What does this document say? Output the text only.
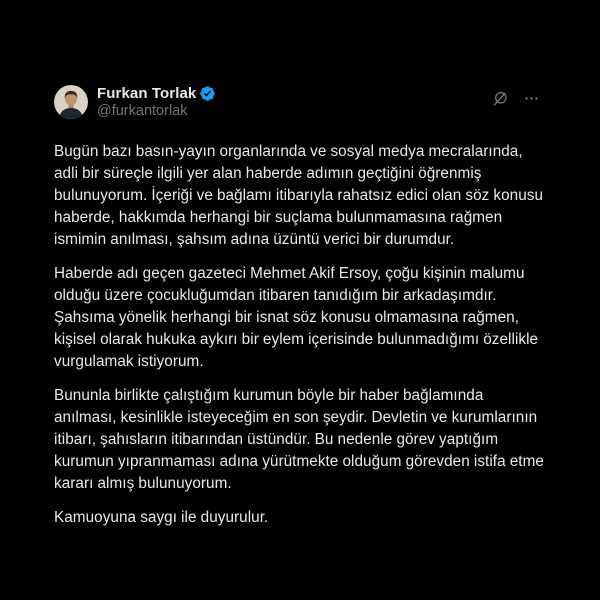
Furkan Torlak
@furkantorlak

Bugün bazı basın-yayın organlarında ve sosyal medya mecralarında, adli bir süreçle ilgili yer alan haberde adımın geçtiğini öğrenmiş bulunuyorum. İçeriği ve bağlamı itibarıyla rahatsız edici olan söz konusu haberde, hakkımda herhangi bir suçlama bulunmamasına rağmen ismimin anılması, şahsım adına üzüntü verici bir durumdur.

Haberde adı geçen gazeteci Mehmet Akif Ersoy, çoğu kişinin malumu olduğu üzere çocukluğumdan itibaren tanıdığım bir arkadaşımdır. Şahsıma yönelik herhangi bir isnat söz konusu olmamasına rağmen, kişisel olarak hukuka aykırı bir eylem içerisinde bulunmadığımı özellikle vurgulamak istiyorum.

Bununla birlikte çalıştığım kurumun böyle bir haber bağlamında anılması, kesinlikle isteyeceğim en son şeydir. Devletin ve kurumlarının itibarı, şahısların itibarından üstündür. Bu nedenle görev yaptığım kurumun yıpranmaması adına yürütmekte olduğum görevden istifa etme kararı almış bulunuyorum.

Kamuoyuna saygı ile duyurulur.
